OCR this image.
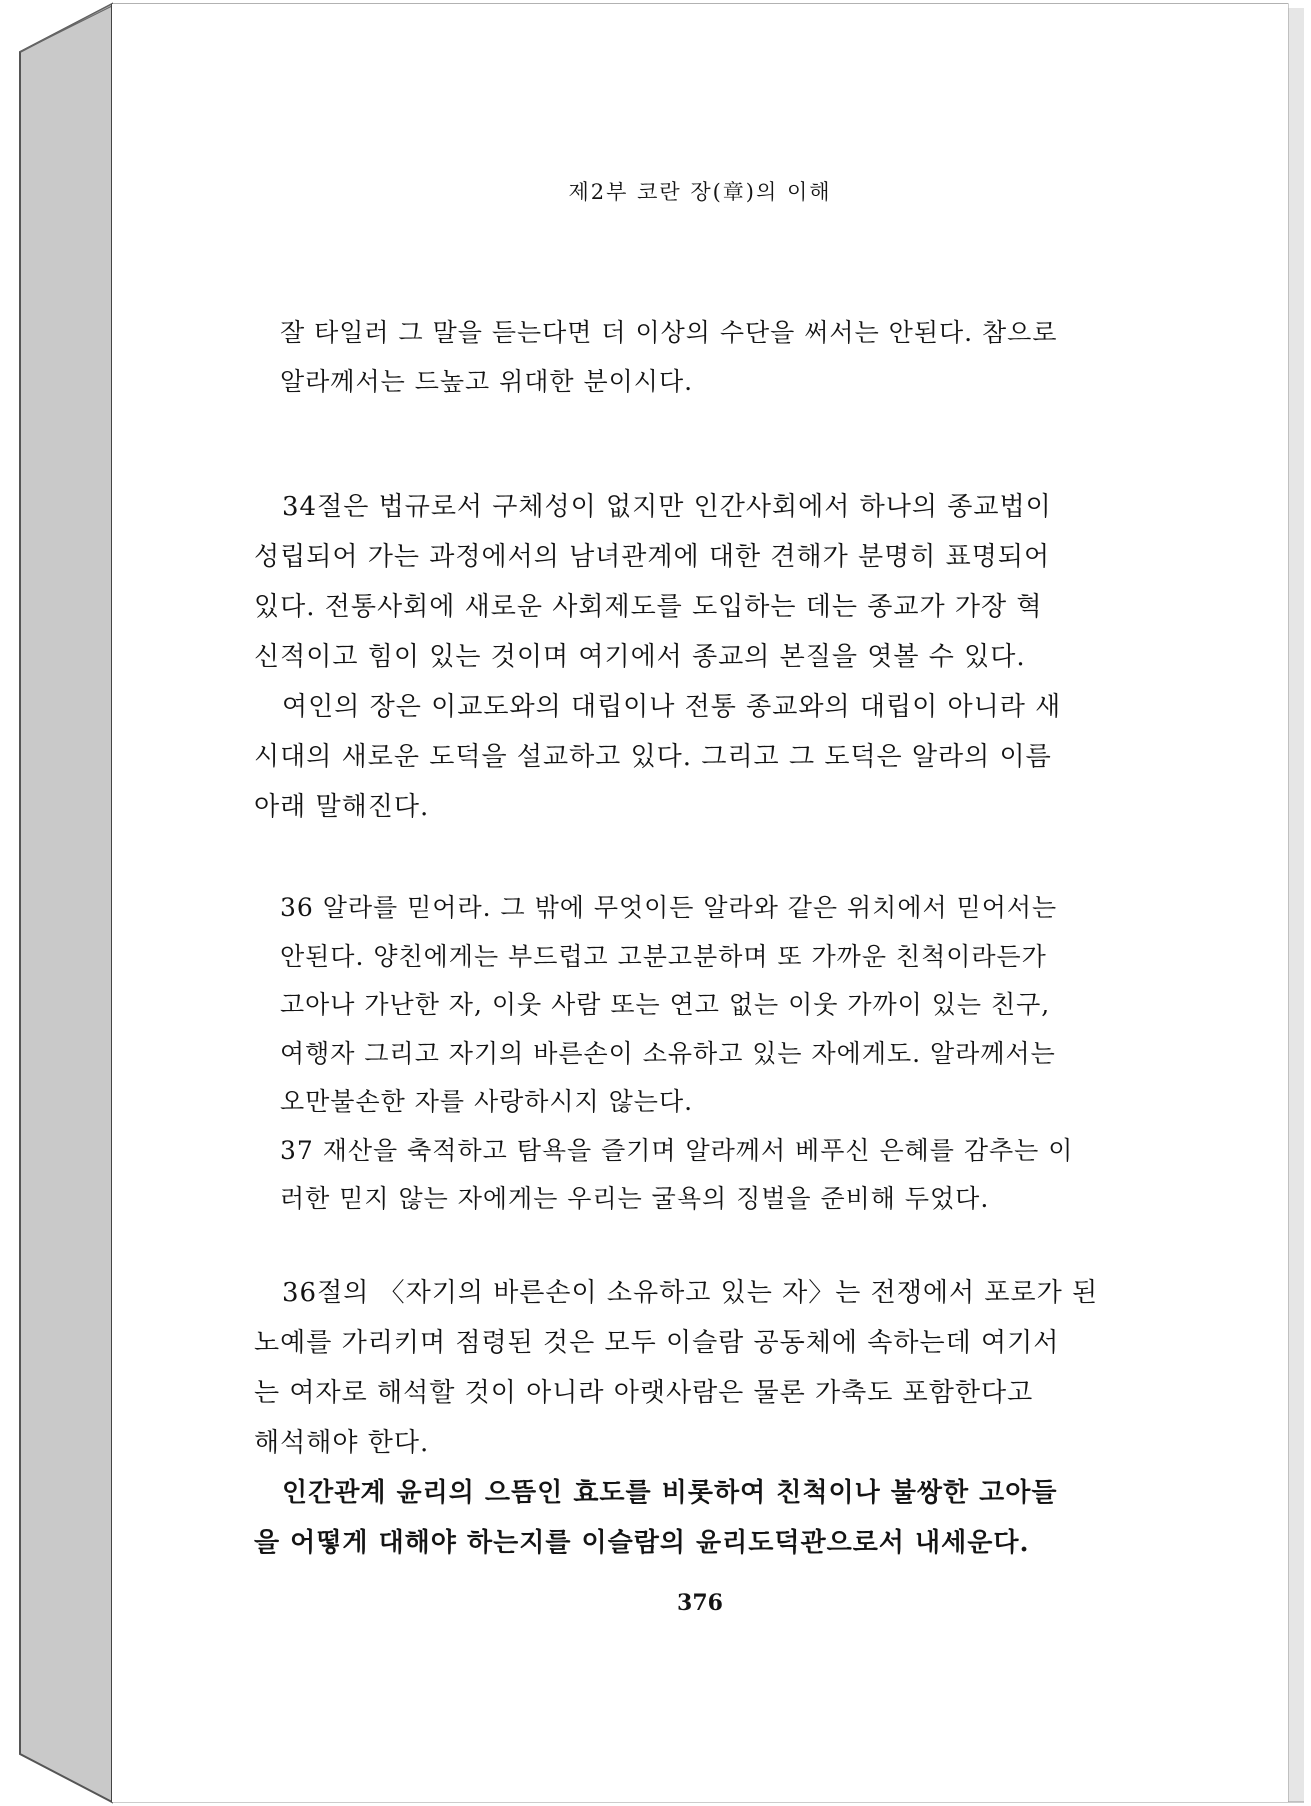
제2부 코란 장(章)의 이해
잘 타일러 그 말을 듣는다면 더 이상의 수단을 써서는 안된다. 참으로
알라께서는 드높고 위대한 분이시다.
34절은 법규로서 구체성이 없지만 인간사회에서 하나의 종교법이
성립되어 가는 과정에서의 남녀관계에 대한 견해가 분명히 표명되어
있다. 전통사회에 새로운 사회제도를 도입하는 데는 종교가 가장 혁
신적이고 힘이 있는 것이며 여기에서 종교의 본질을 엿볼 수 있다.
여인의 장은 이교도와의 대립이나 전통 종교와의 대립이 아니라 새
시대의 새로운 도덕을 설교하고 있다. 그리고 그 도덕은 알라의 이름
아래 말해진다.
36 알라를 믿어라. 그 밖에 무엇이든 알라와 같은 위치에서 믿어서는
안된다. 양친에게는 부드럽고 고분고분하며 또 가까운 친척이라든가
고아나 가난한 자, 이웃 사람 또는 연고 없는 이웃 가까이 있는 친구,
여행자 그리고 자기의 바른손이 소유하고 있는 자에게도. 알라께서는
오만불손한 자를 사랑하시지 않는다.
37 재산을 축적하고 탐욕을 즐기며 알라께서 베푸신 은혜를 감추는 이
러한 믿지 않는 자에게는 우리는 굴욕의 징벌을 준비해 두었다.
36절의 〈자기의 바른손이 소유하고 있는 자〉는 전쟁에서 포로가 된
노예를 가리키며 점령된 것은 모두 이슬람 공동체에 속하는데 여기서
는 여자로 해석할 것이 아니라 아랫사람은 물론 가축도 포함한다고
해석해야 한다.
인간관계 윤리의 으뜸인 효도를 비롯하여 친척이나 불쌍한 고아들
을 어떻게 대해야 하는지를 이슬람의 윤리도덕관으로서 내세운다.
376
